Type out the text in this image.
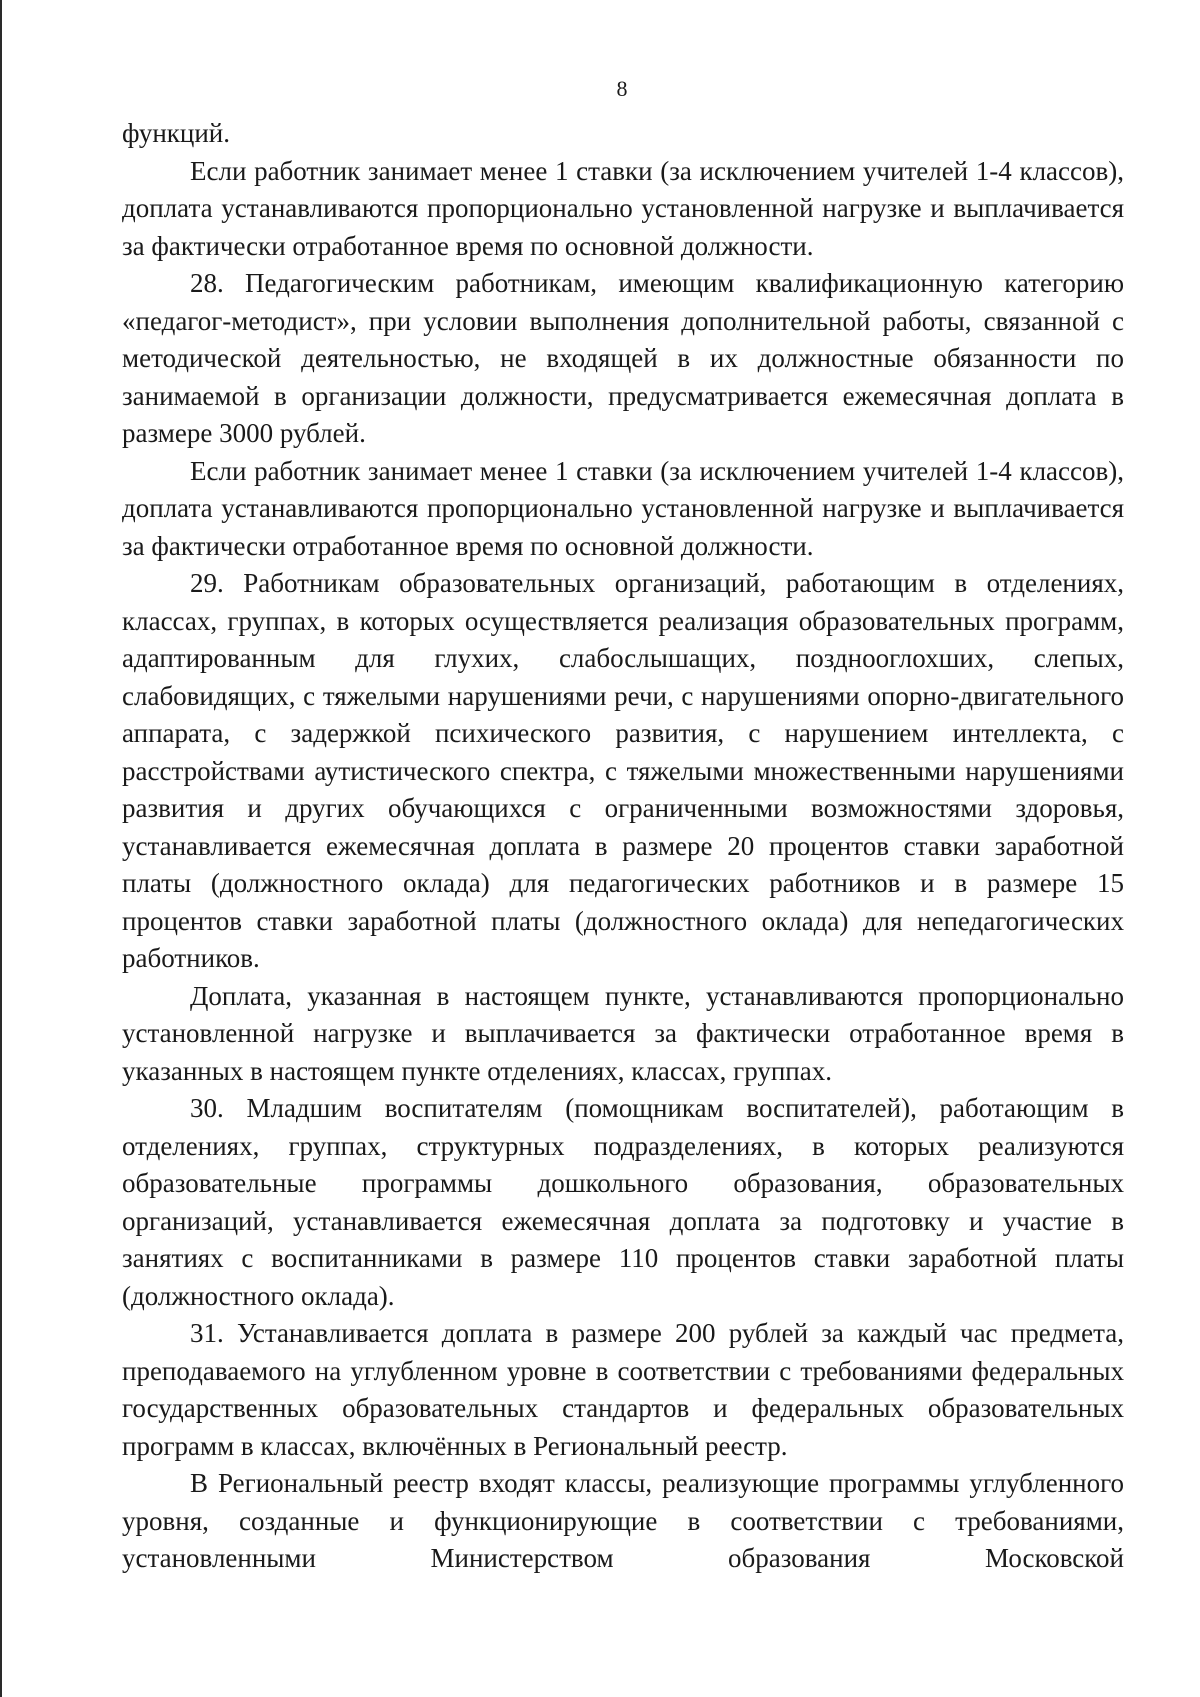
8

функций.

Если работник занимает менее 1 ставки (за исключением учителей 1-4 классов), доплата устанавливаются пропорционально установленной нагрузке и выплачивается за фактически отработанное время по основной должности.

28. Педагогическим работникам, имеющим квалификационную категорию «педагог-методист», при условии выполнения дополнительной работы, связанной с методической деятельностью, не входящей в их должностные обязанности по занимаемой в организации должности, предусматривается ежемесячная доплата в размере 3000 рублей.

Если работник занимает менее 1 ставки (за исключением учителей 1-4 классов), доплата устанавливаются пропорционально установленной нагрузке и выплачивается за фактически отработанное время по основной должности.

29. Работникам образовательных организаций, работающим в отделениях, классах, группах, в которых осуществляется реализация образовательных программ, адаптированным для глухих, слабослышащих, позднооглохших, слепых, слабовидящих, с тяжелыми нарушениями речи, с нарушениями опорно-двигательного аппарата, с задержкой психического развития, с нарушением интеллекта, с расстройствами аутистического спектра, с тяжелыми множественными нарушениями развития и других обучающихся с ограниченными возможностями здоровья, устанавливается ежемесячная доплата в размере 20 процентов ставки заработной платы (должностного оклада) для педагогических работников и в размере 15 процентов ставки заработной платы (должностного оклада) для непедагогических работников.

Доплата, указанная в настоящем пункте, устанавливаются пропорционально установленной нагрузке и выплачивается за фактически отработанное время в указанных в настоящем пункте отделениях, классах, группах.

30. Младшим воспитателям (помощникам воспитателей), работающим в отделениях, группах, структурных подразделениях, в которых реализуются образовательные программы дошкольного образования, образовательных организаций, устанавливается ежемесячная доплата за подготовку и участие в занятиях с воспитанниками в размере 110 процентов ставки заработной платы (должностного оклада).

31. Устанавливается доплата в размере 200 рублей за каждый час предмета, преподаваемого на углубленном уровне в соответствии с требованиями федеральных государственных образовательных стандартов и федеральных образовательных программ в классах, включённых в Региональный реестр.

В Региональный реестр входят классы, реализующие программы углубленного уровня, созданные и функционирующие в соответствии с требованиями, установленными Министерством образования Московской
